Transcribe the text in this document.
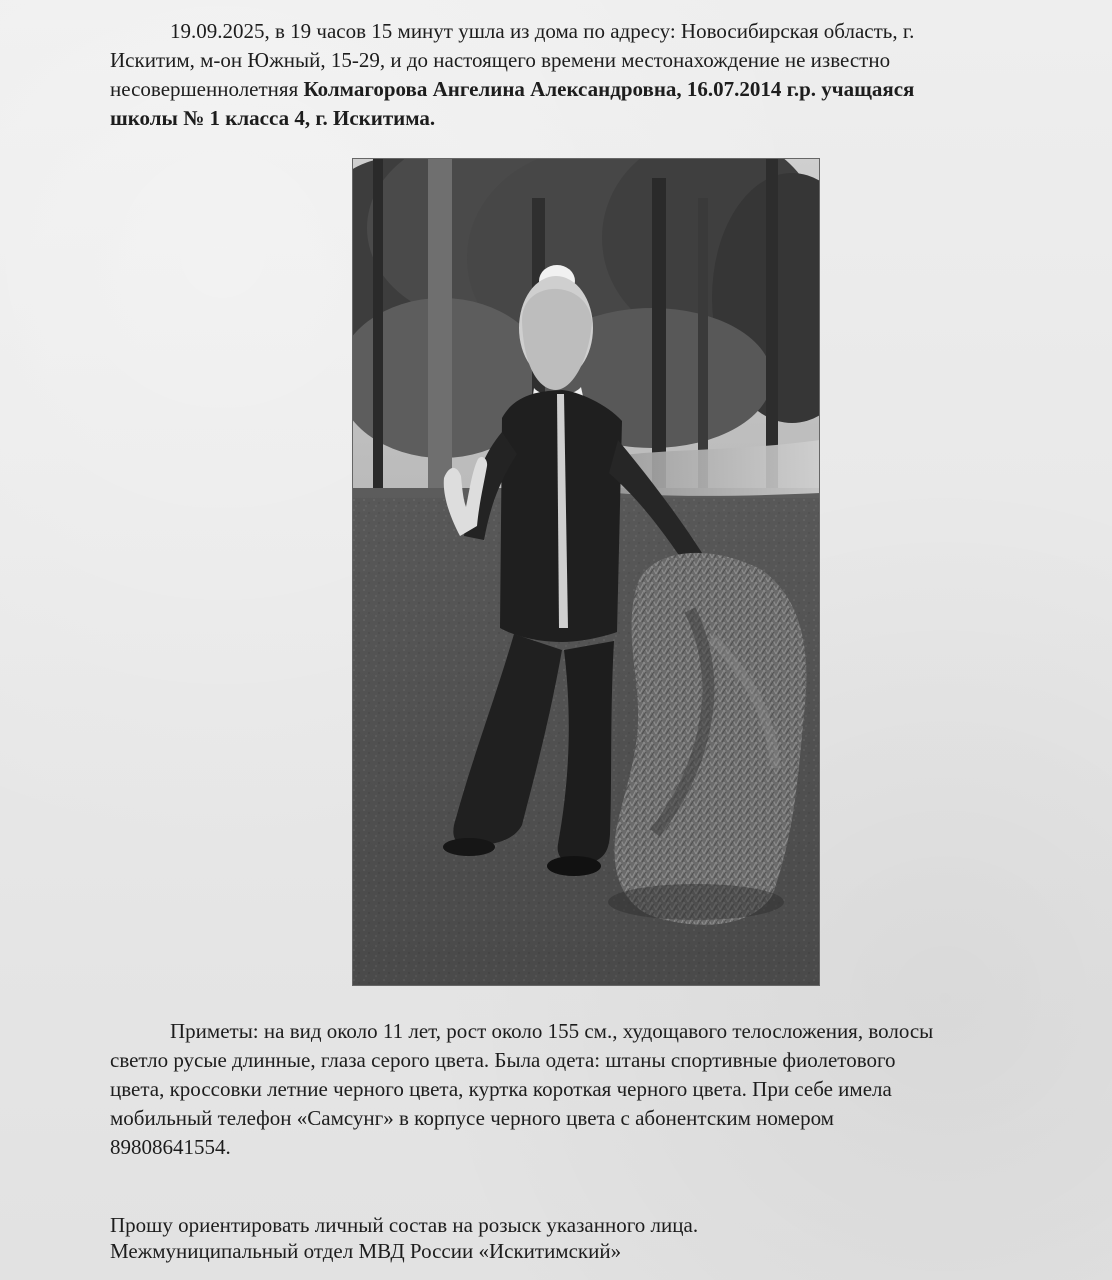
19.09.2025, в 19 часов 15 минут ушла из дома по адресу: Новосибирская область, г.
Искитим, м-он Южный, 15-29, и до настоящего времени местонахождение не известно
несовершеннолетняя Колмагорова Ангелина Александровна, 16.07.2014 г.р. учащаяся
школы № 1 класса 4, г. Искитима.
Приметы: на вид около 11 лет, рост около 155 см., худощавого телосложения, волосы
светло русые длинные, глаза серого цвета. Была одета: штаны спортивные фиолетового
цвета, кроссовки летние черного цвета, куртка короткая черного цвета. При себе имела
мобильный телефон «Самсунг» в корпусе черного цвета с абонентским номером
89808641554.
Прошу ориентировать личный состав на розыск указанного лица.
Межмуниципальный отдел МВД России «Искитимский»
